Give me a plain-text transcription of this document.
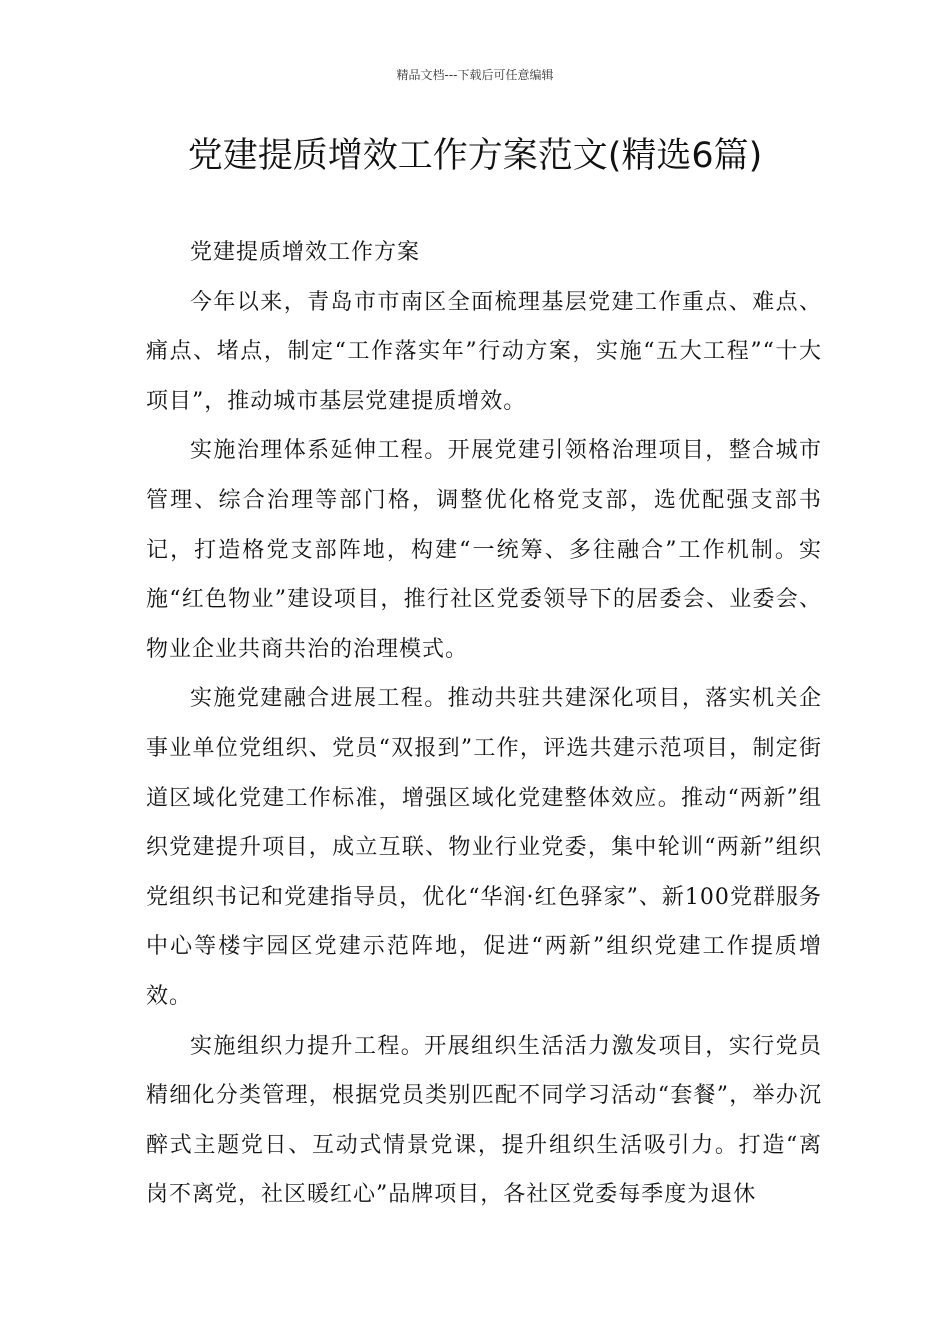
精品文档---下载后可任意编辑
党建提质增效工作方案范文(精选6篇)

党建提质增效工作方案

今年以来，青岛市市南区全面梳理基层党建工作重点、难点、痛点、堵点，制定“工作落实年”行动方案，实施“五大工程”“十大项目”，推动城市基层党建提质增效。

实施治理体系延伸工程。开展党建引领格治理项目，整合城市管理、综合治理等部门格，调整优化格党支部，选优配强支部书记，打造格党支部阵地，构建“一统筹、多往融合”工作机制。实施“红色物业”建设项目，推行社区党委领导下的居委会、业委会、物业企业共商共治的治理模式。

实施党建融合进展工程。推动共驻共建深化项目，落实机关企事业单位党组织、党员“双报到”工作，评选共建示范项目，制定街道区域化党建工作标准，增强区域化党建整体效应。推动“两新”组织党建提升项目，成立互联、物业行业党委，集中轮训“两新”组织党组织书记和党建指导员，优化“华润·红色驿家”、新100党群服务中心等楼宇园区党建示范阵地，促进“两新”组织党建工作提质增效。

实施组织力提升工程。开展组织生活活力激发项目，实行党员精细化分类管理，根据党员类别匹配不同学习活动“套餐”，举办沉醉式主题党日、互动式情景党课，提升组织生活吸引力。打造“离岗不离党，社区暖红心”品牌项目，各社区党委每季度为退休
